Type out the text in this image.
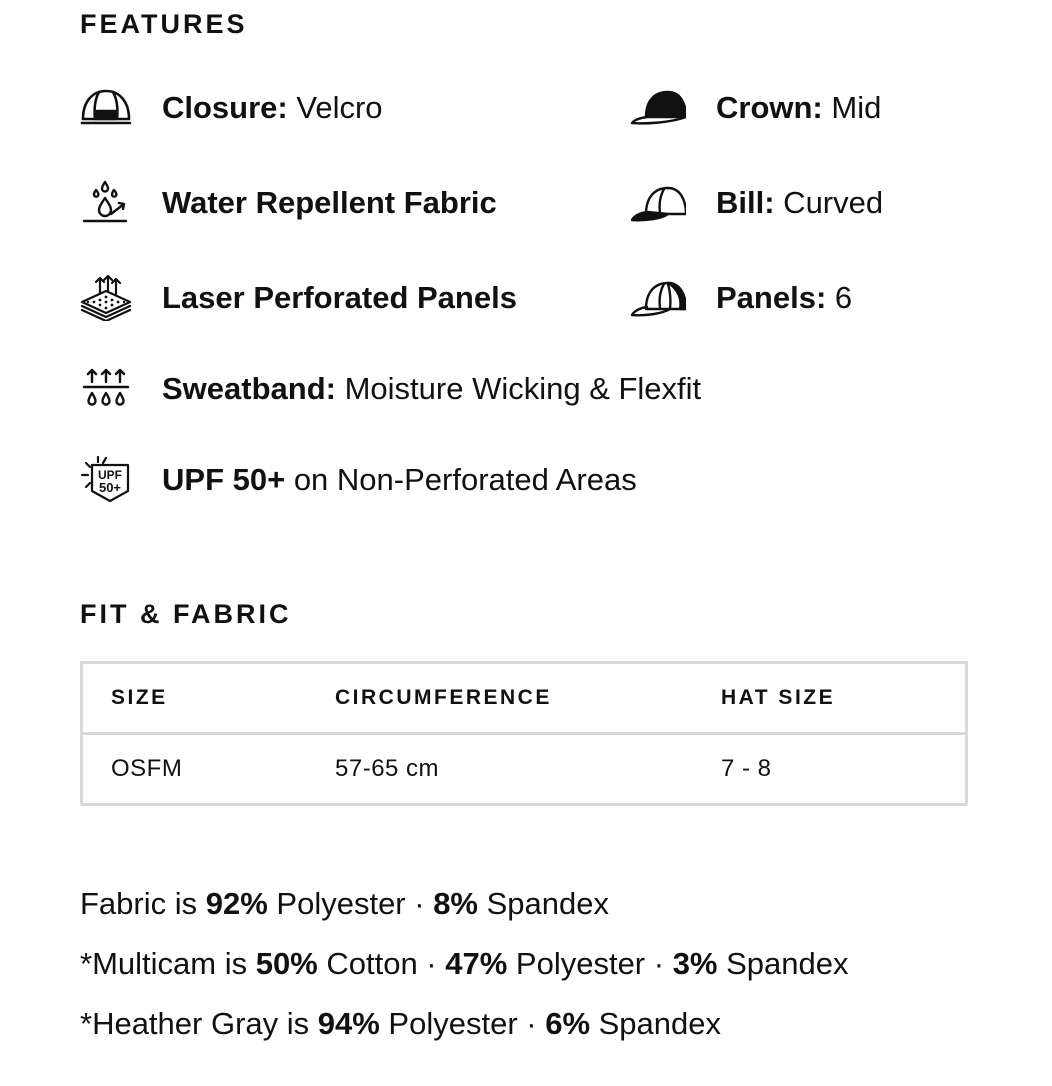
FEATURES
Closure: Velcro
Water Repellent Fabric
Laser Perforated Panels
Sweatband: Moisture Wicking & Flexfit
UPF
50+ UPF 50+ on Non-Perforated Areas
Crown: Mid
Bill: Curved
Panels: 6
FIT & FABRIC
SIZE	CIRCUMFERENCE	HAT SIZE
OSFM	57-65 cm	7 - 8
Fabric is 92% Polyester · 8% Spandex
*Multicam is 50% Cotton · 47% Polyester · 3% Spandex
*Heather Gray is 94% Polyester · 6% Spandex
